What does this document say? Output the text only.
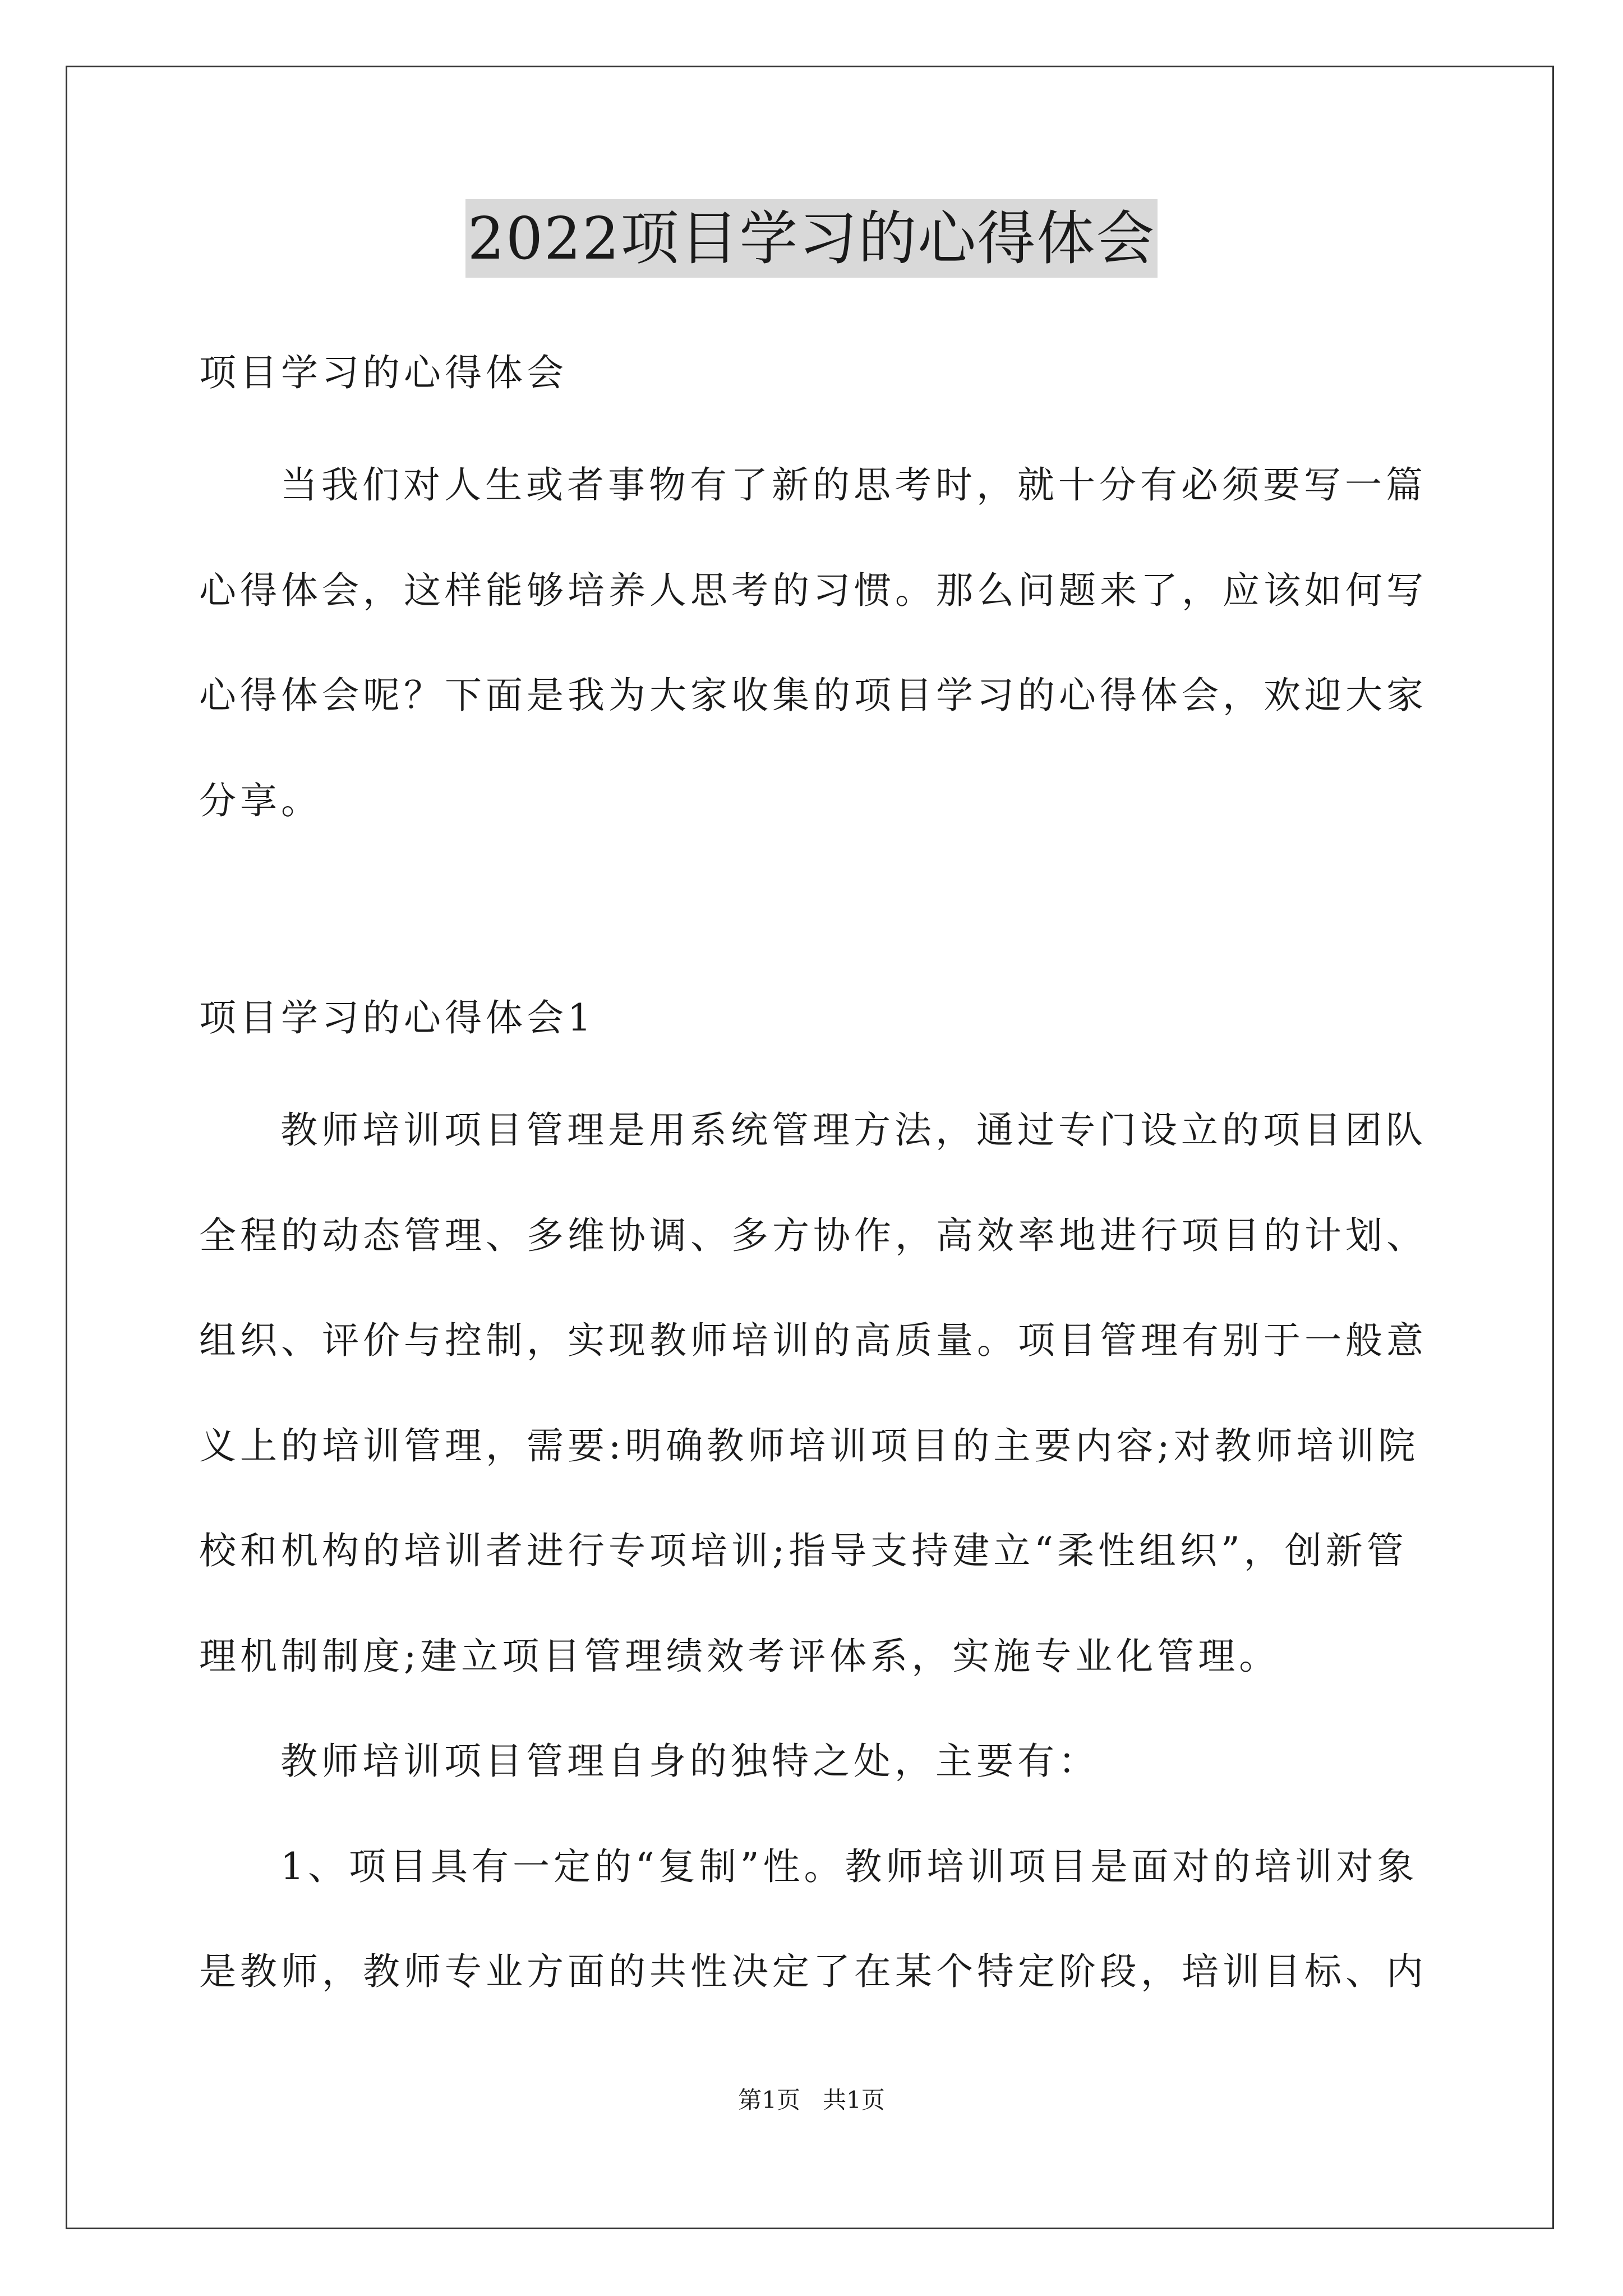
2022项目学习的心得体会
项目学习的心得体会
当我们对人生或者事物有了新的思考时，就十分有必须要写一篇
心得体会，这样能够培养人思考的习惯。那么问题来了，应该如何写
心得体会呢？下面是我为大家收集的项目学习的心得体会，欢迎大家
分享。
项目学习的心得体会1
教师培训项目管理是用系统管理方法，通过专门设立的项目团队
全程的动态管理、多维协调、多方协作，高效率地进行项目的计划、
组织、评价与控制，实现教师培训的高质量。项目管理有别于一般意
义上的培训管理，需要:明确教师培训项目的主要内容;对教师培训院
校和机构的培训者进行专项培训;指导支持建立“柔性组织”，创新管
理机制制度;建立项目管理绩效考评体系，实施专业化管理。
教师培训项目管理自身的独特之处，主要有：
1、项目具有一定的“复制”性。教师培训项目是面对的培训对象
是教师，教师专业方面的共性决定了在某个特定阶段，培训目标、内
第1页   共1页
